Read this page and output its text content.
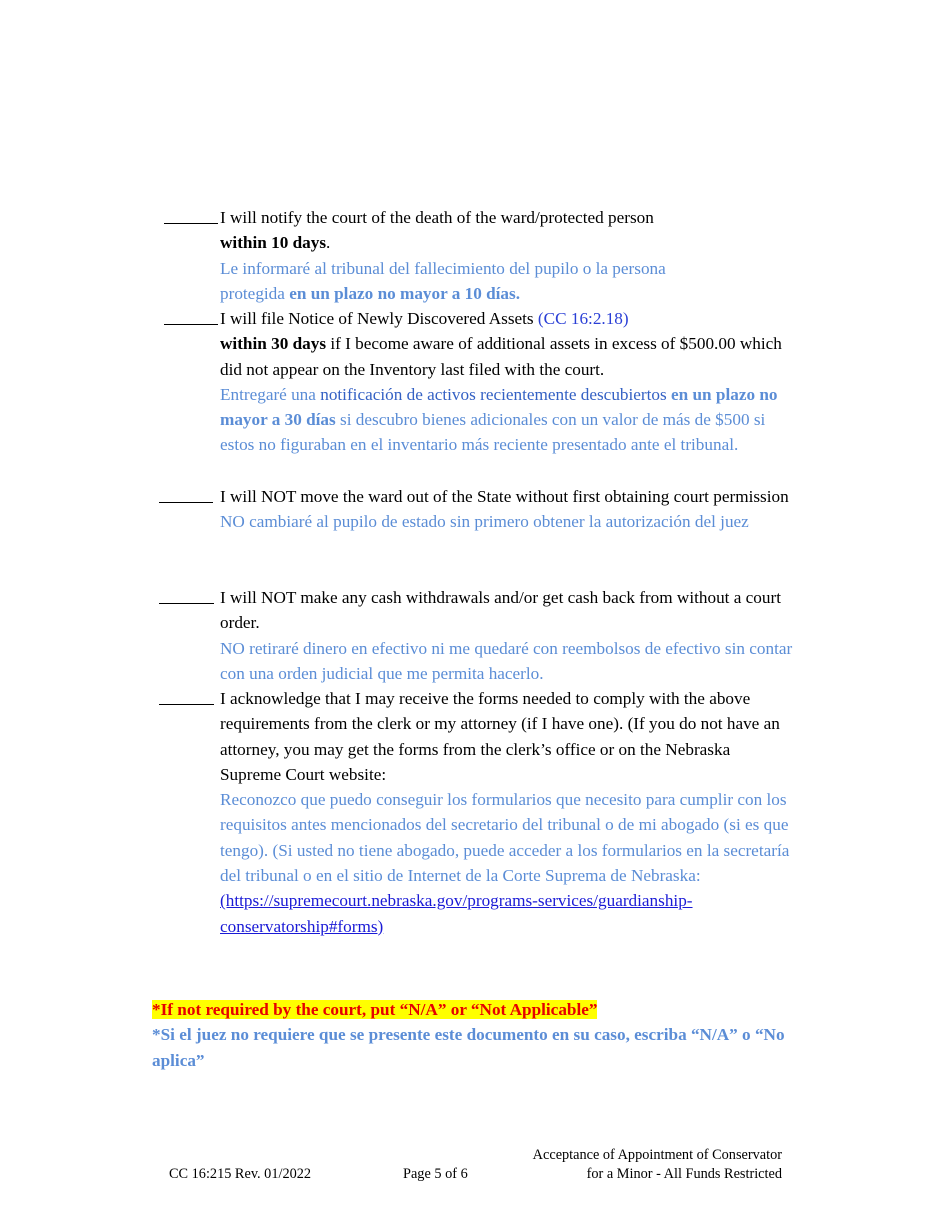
I will notify the court of the death of the ward/protected person
within 10 days.
Le informaré al tribunal del fallecimiento del pupilo o la persona protegida en un plazo no mayor a 10 días.
I will file Notice of Newly Discovered Assets (CC 16:2.18)
within 30 days if I become aware of additional assets in excess of $500.00 which did not appear on the Inventory last filed with the court.
Entregaré una notificación de activos recientemente descubiertos en un plazo no mayor a 30 días si descubro bienes adicionales con un valor de más de $500 si estos no figuraban en el inventario más reciente presentado ante el tribunal.
I will NOT move the ward out of the State without first obtaining court permission
NO cambiaré al pupilo de estado sin primero obtener la autorización del juez
I will NOT make any cash withdrawals and/or get cash back from without a court order.
NO retiraré dinero en efectivo ni me quedaré con reembolsos de efectivo sin contar con una orden judicial que me permita hacerlo.
I acknowledge that I may receive the forms needed to comply with the above requirements from the clerk or my attorney (if I have one). (If you do not have an attorney, you may get the forms from the clerk’s office or on the Nebraska Supreme Court website:
Reconozco que puedo conseguir los formularios que necesito para cumplir con los requisitos antes mencionados del secretario del tribunal o de mi abogado (si es que tengo). (Si usted no tiene abogado, puede acceder a los formularios en la secretaría del tribunal o en el sitio de Internet de la Corte Suprema de Nebraska:
(https://supremecourt.nebraska.gov/programs-services/guardianship-conservatorship#forms)
*If not required by the court, put “N/A” or “Not Applicable”
*Si el juez no requiere que se presente este documento en su caso, escriba “N/A” o “No aplica”
CC 16:215 Rev. 01/2022	Page 5 of 6
Acceptance of Appointment of Conservator
for a Minor - All Funds Restricted
